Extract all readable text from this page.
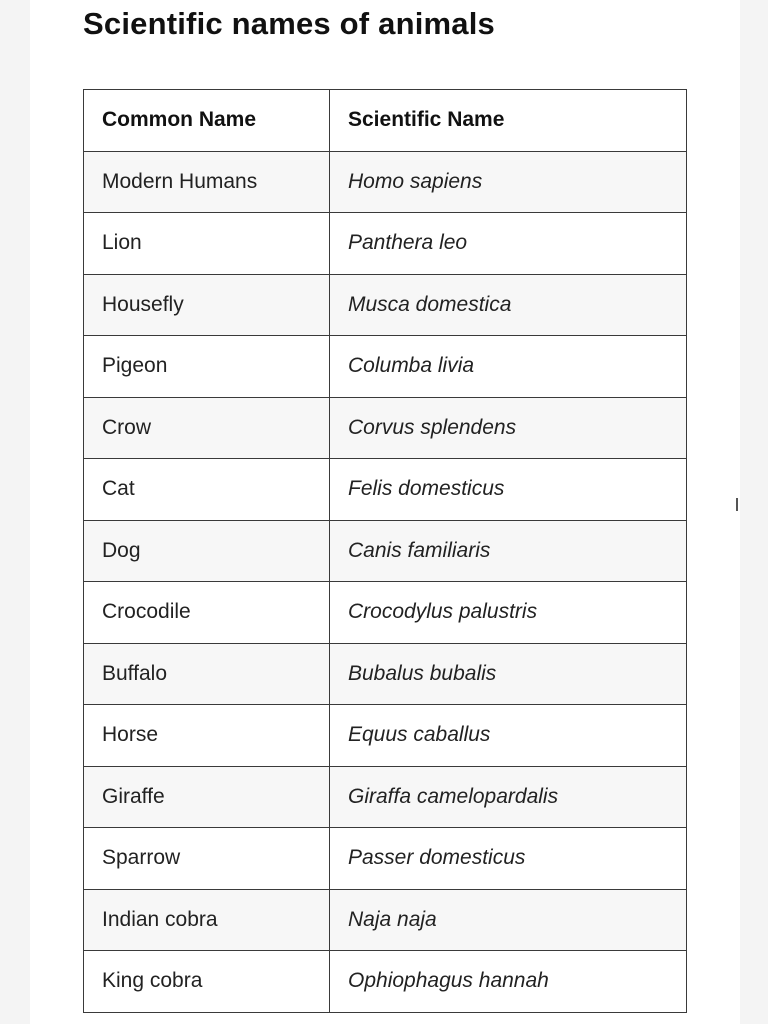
Scientific names of animals
Common Name	Scientific Name
Modern Humans	Homo sapiens
Lion	Panthera leo
Housefly	Musca domestica
Pigeon	Columba livia
Crow	Corvus splendens
Cat	Felis domesticus
Dog	Canis familiaris
Crocodile	Crocodylus palustris
Buffalo	Bubalus bubalis
Horse	Equus caballus
Giraffe	Giraffa camelopardalis
Sparrow	Passer domesticus
Indian cobra	Naja naja
King cobra	Ophiophagus hannah
